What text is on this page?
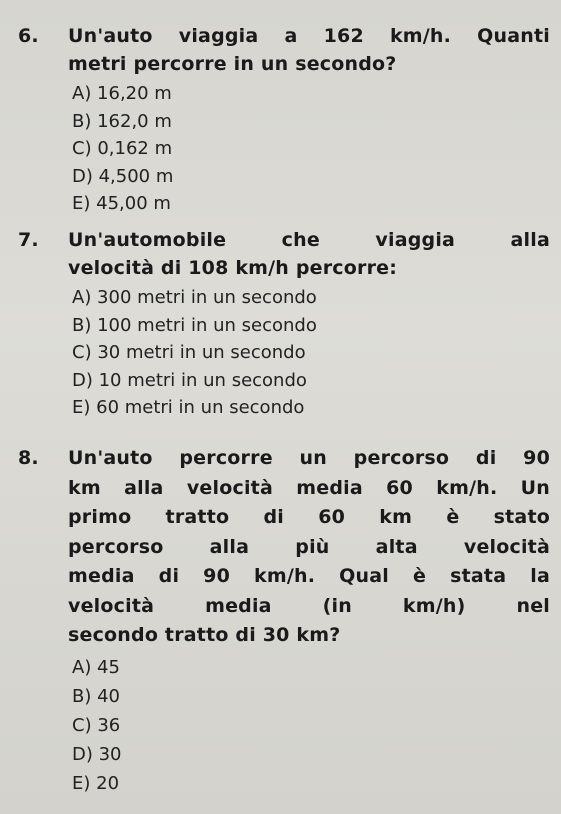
6.	Un'auto viaggia a 162 km/h. Quanti
metri percorre in un secondo?
A) 16,20 m
B) 162,0 m
C) 0,162 m
D) 4,500 m
E) 45,00 m
7.	Un'automobile che viaggia alla
velocità di 108 km/h percorre:
A) 300 metri in un secondo
B) 100 metri in un secondo
C) 30 metri in un secondo
D) 10 metri in un secondo
E) 60 metri in un secondo
8.	Un'auto percorre un percorso di 90
km alla velocità media 60 km/h. Un
primo tratto di 60 km è stato
percorso alla più alta velocità
media di 90 km/h. Qual è stata la
velocità media (in km/h) nel
secondo tratto di 30 km?
A) 45
B) 40
C) 36
D) 30
E) 20
